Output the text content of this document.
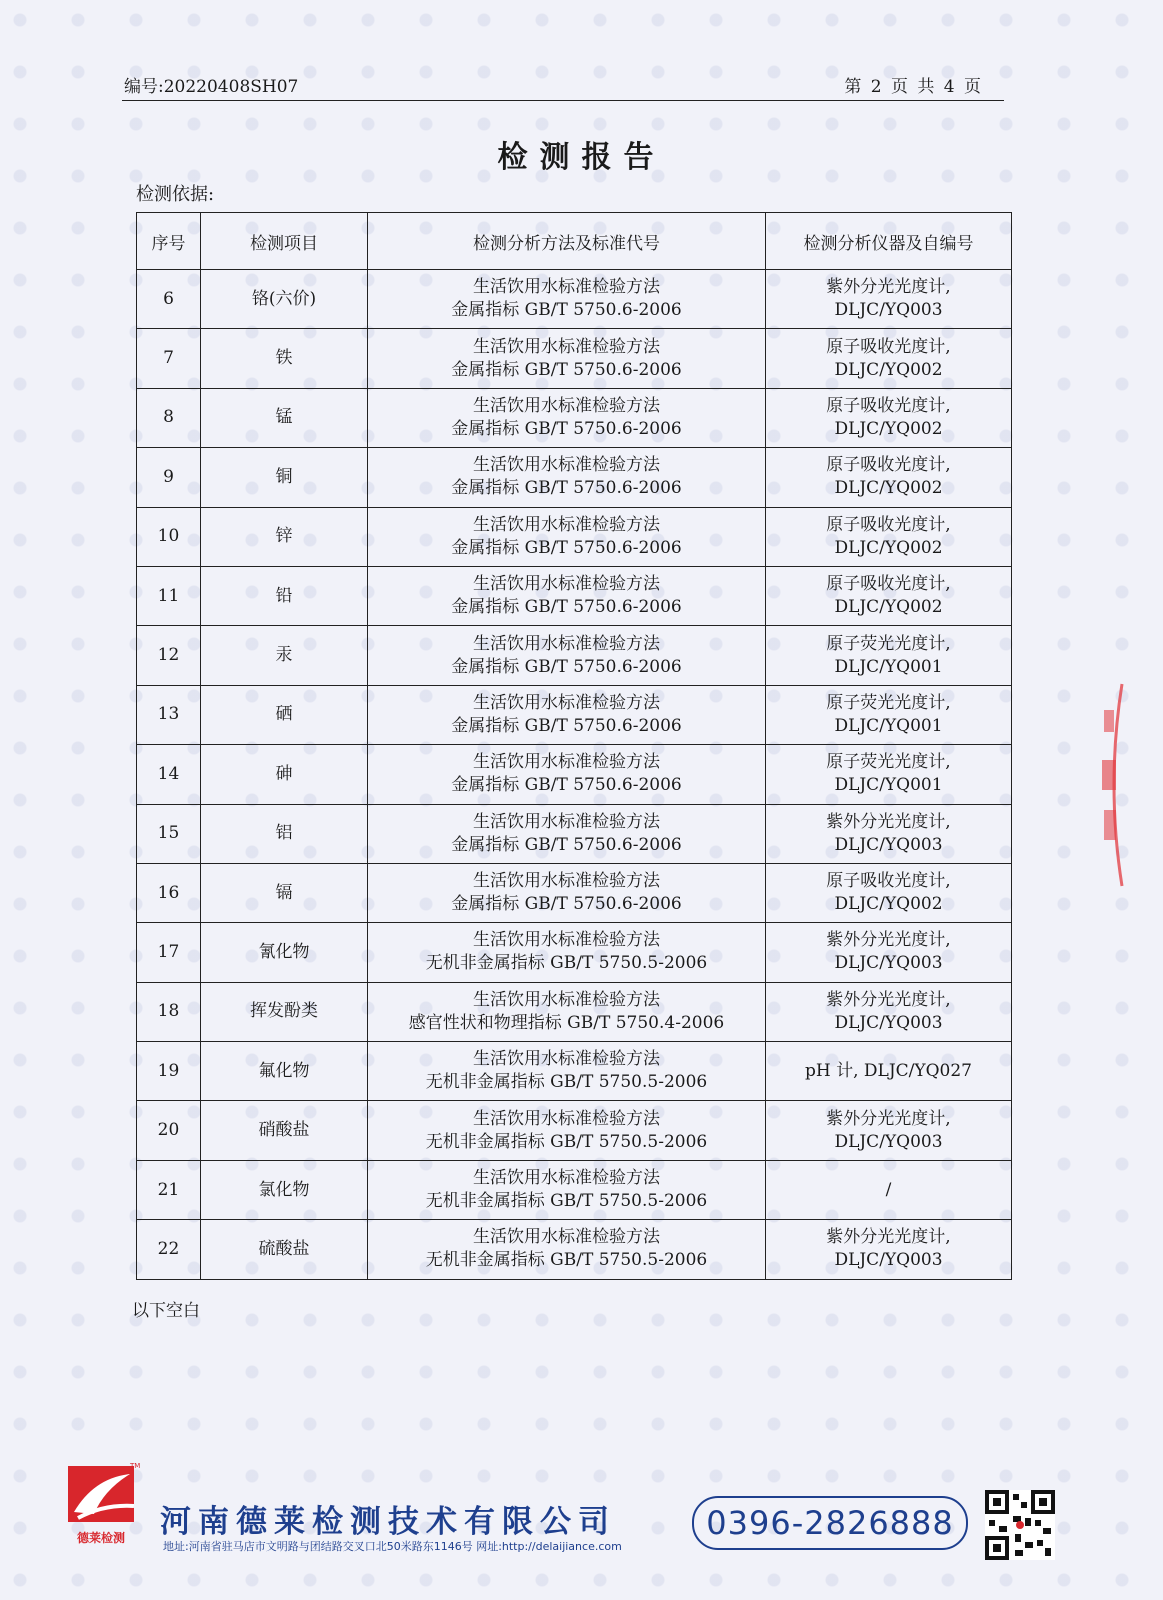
编号:20220408SH07	第 2 页 共 4 页
检测报告
检测依据:
序号	检测项目	检测分析方法及标准代号	检测分析仪器及自编号
6	铬(六价)	生活饮用水标准检验方法
金属指标 GB/T 5750.6-2006	紫外分光光度计,
DLJC/YQ003

7	铁	生活饮用水标准检验方法
金属指标 GB/T 5750.6-2006	原子吸收光度计,
DLJC/YQ002

8	锰	生活饮用水标准检验方法
金属指标 GB/T 5750.6-2006	原子吸收光度计,
DLJC/YQ002

9	铜	生活饮用水标准检验方法
金属指标 GB/T 5750.6-2006	原子吸收光度计,
DLJC/YQ002

10	锌	生活饮用水标准检验方法
金属指标 GB/T 5750.6-2006	原子吸收光度计,
DLJC/YQ002

11	铅	生活饮用水标准检验方法
金属指标 GB/T 5750.6-2006	原子吸收光度计,
DLJC/YQ002

12	汞	生活饮用水标准检验方法
金属指标 GB/T 5750.6-2006	原子荧光光度计,
DLJC/YQ001

13	硒	生活饮用水标准检验方法
金属指标 GB/T 5750.6-2006	原子荧光光度计,
DLJC/YQ001

14	砷	生活饮用水标准检验方法
金属指标 GB/T 5750.6-2006	原子荧光光度计,
DLJC/YQ001

15	铝	生活饮用水标准检验方法
金属指标 GB/T 5750.6-2006	紫外分光光度计,
DLJC/YQ003

16	镉	生活饮用水标准检验方法
金属指标 GB/T 5750.6-2006	原子吸收光度计,
DLJC/YQ002

17	氰化物	生活饮用水标准检验方法
无机非金属指标 GB/T 5750.5-2006	紫外分光光度计,
DLJC/YQ003

18	挥发酚类	生活饮用水标准检验方法
感官性状和物理指标 GB/T 5750.4-2006	紫外分光光度计,
DLJC/YQ003

19	氟化物	生活饮用水标准检验方法
无机非金属指标 GB/T 5750.5-2006	pH 计, DLJC/YQ027

20	硝酸盐	生活饮用水标准检验方法
无机非金属指标 GB/T 5750.5-2006	紫外分光光度计,
DLJC/YQ003

21	氯化物	生活饮用水标准检验方法
无机非金属指标 GB/T 5750.5-2006	/

22	硫酸盐	生活饮用水标准检验方法
无机非金属指标 GB/T 5750.5-2006	紫外分光光度计,
DLJC/YQ003
以下空白
TM
德莱检测 河南德莱检测技术有限公司	0396-2826888
地址:河南省驻马店市文明路与团结路交叉口北50米路东1146号 网址:http://delaijiance.com
